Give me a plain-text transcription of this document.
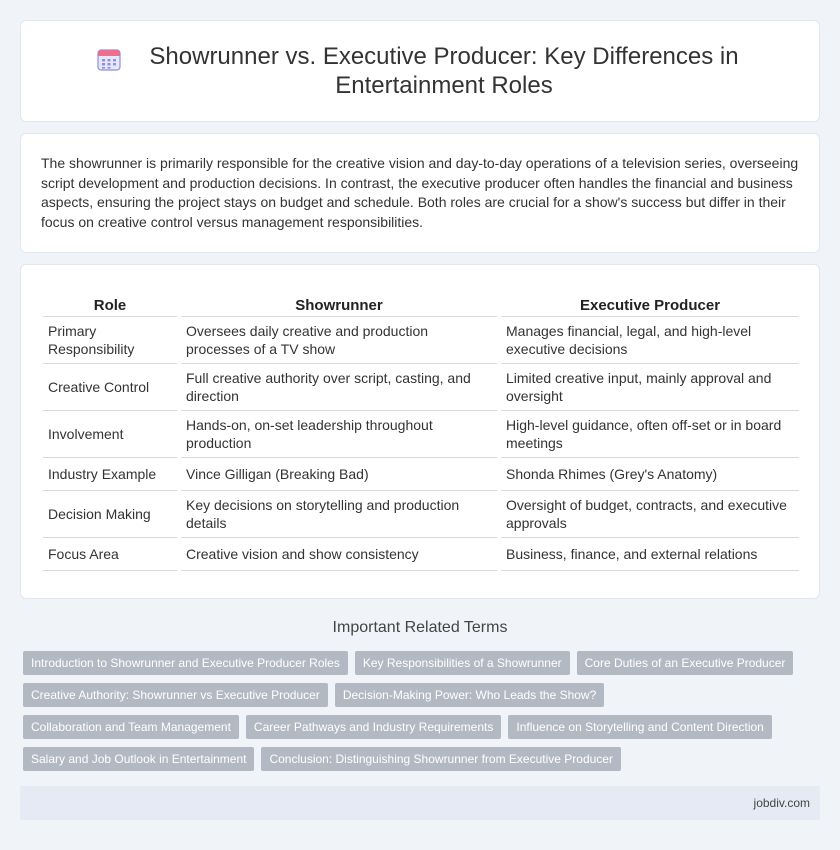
Showrunner vs. Executive Producer: Key Differences in Entertainment Roles

The showrunner is primarily responsible for the creative vision and day-to-day operations of a television series, overseeing script development and production decisions. In contrast, the executive producer often handles the financial and business aspects, ensuring the project stays on budget and schedule. Both roles are crucial for a show's success but differ in their focus on creative control versus management responsibilities.

Role		Showrunner		Executive Producer
Primary Responsibility		Oversees daily creative and production processes of a TV show		Manages financial, legal, and high-level executive decisions
Creative Control		Full creative authority over script, casting, and direction		Limited creative input, mainly approval and oversight
Involvement		Hands-on, on-set leadership throughout production		High-level guidance, often off-set or in board meetings
Industry Example		Vince Gilligan (Breaking Bad)		Shonda Rhimes (Grey's Anatomy)
Decision Making		Key decisions on storytelling and production details		Oversight of budget, contracts, and executive approvals
Focus Area		Creative vision and show consistency		Business, finance, and external relations
Important Related Terms
Introduction to Showrunner and Executive Producer Roles	Key Responsibilities of a Showrunner	Core Duties of an Executive Producer
Creative Authority: Showrunner vs Executive Producer	Decision-Making Power: Who Leads the Show?
Collaboration and Team Management	Career Pathways and Industry Requirements	Influence on Storytelling and Content Direction
Salary and Job Outlook in Entertainment	Conclusion: Distinguishing Showrunner from Executive Producer
jobdiv.com
